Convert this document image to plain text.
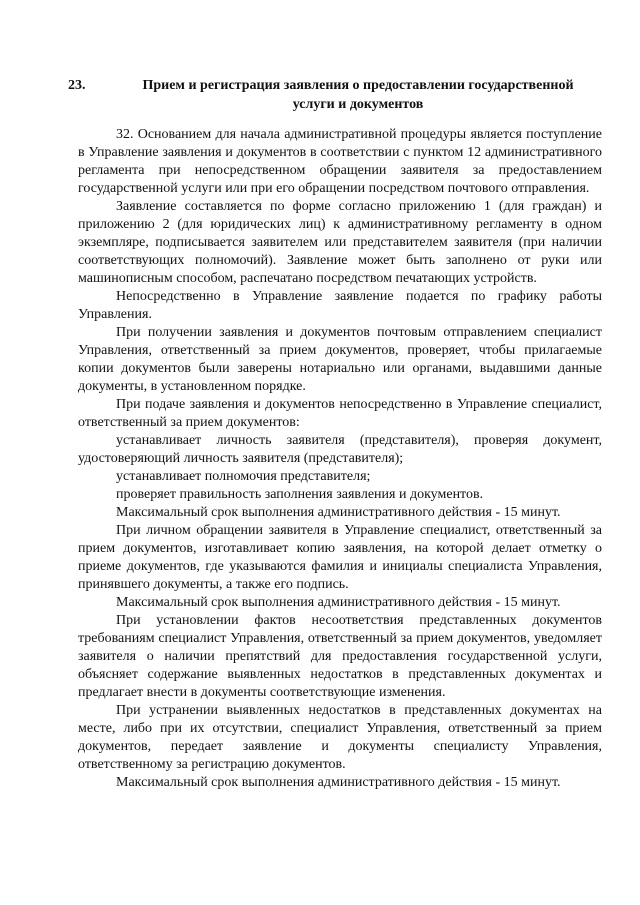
23.	Прием и регистрация заявления о предоставлении государственной услуги и документов

32. Основанием для начала административной процедуры является поступление в Управление заявления и документов в соответствии с пунктом 12 административного регламента при непосредственном обращении заявителя за предоставлением государственной услуги или при его обращении посредством почтового отправления.

Заявление составляется по форме согласно приложению 1 (для граждан) и приложению 2 (для юридических лиц) к административному регламенту в одном экземпляре, подписывается заявителем или представителем заявителя (при наличии соответствующих полномочий). Заявление может быть заполнено от руки или машинописным способом, распечатано посредством печатающих устройств.

Непосредственно в Управление заявление подается по графику работы Управления.

При получении заявления и документов почтовым отправлением специалист Управления, ответственный за прием документов, проверяет, чтобы прилагаемые копии документов были заверены нотариально или органами, выдавшими данные документы, в установленном порядке.

При подаче заявления и документов непосредственно в Управление специалист, ответственный за прием документов:

устанавливает личность заявителя (представителя), проверяя документ, удостоверяющий личность заявителя (представителя);

устанавливает полномочия представителя;

проверяет правильность заполнения заявления и документов.

Максимальный срок выполнения административного действия - 15 минут.

При личном обращении заявителя в Управление специалист, ответственный за прием документов, изготавливает копию заявления, на которой делает отметку о приеме документов, где указываются фамилия и инициалы специалиста Управления, принявшего документы, а также его подпись.

Максимальный срок выполнения административного действия - 15 минут.

При установлении фактов несоответствия представленных документов требованиям специалист Управления, ответственный за прием документов, уведомляет заявителя о наличии препятствий для предоставления государственной услуги, объясняет содержание выявленных недостатков в представленных документах и предлагает внести в документы соответствующие изменения.

При устранении выявленных недостатков в представленных документах на месте, либо при их отсутствии, специалист Управления, ответственный за прием документов, передает заявление и документы специалисту Управления, ответственному за регистрацию документов.

Максимальный срок выполнения административного действия - 15 минут.
